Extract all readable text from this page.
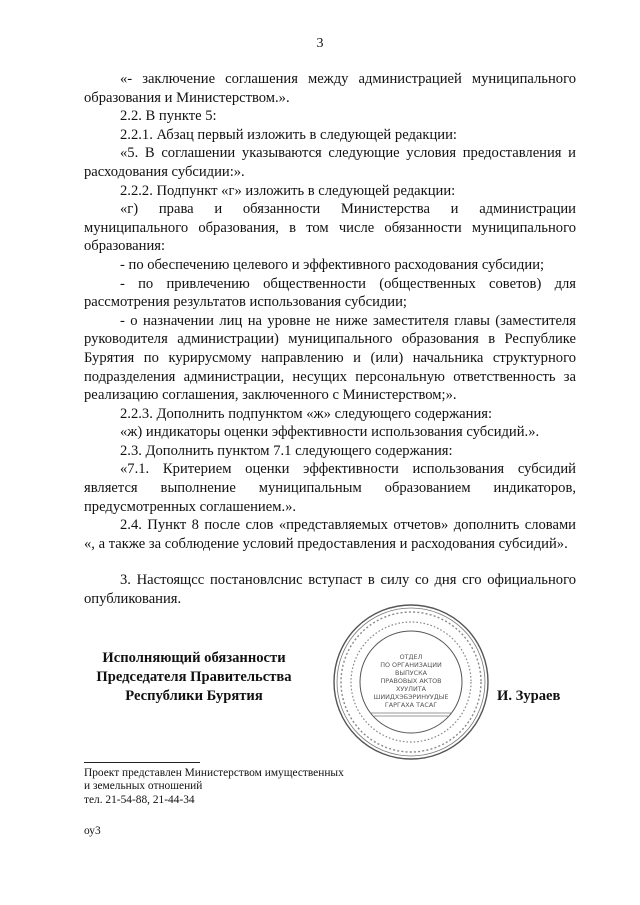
3

«- заключение соглашения между администрацией муниципального образования и Министерством.».

2.2. В пункте 5:

2.2.1. Абзац первый изложить в следующей редакции:

«5. В соглашении указываются следующие условия предоставления и расходования субсидии:».

2.2.2. Подпункт «г» изложить в следующей редакции:

«г) права и обязанности Министерства и администрации муниципального образования, в том числе обязанности муниципального образования:

- по обеспечению целевого и эффективного расходования субсидии;

- по привлечению общественности (общественных советов) для рассмотрения результатов использования субсидии;

- о назначении лиц на уровне не ниже заместителя главы (заместителя руководителя администрации) муниципального образования в Республике Бурятия по курирусмому направлению и (или) начальника структурного подразделения администрации, несущих персональную ответственность за реализацию соглашения, заключенного с Министерством;».

2.2.3. Дополнить подпунктом «ж» следующего содержания:

«ж) индикаторы оценки эффективности использования субсидий.».

2.3. Дополнить пунктом 7.1 следующего содержания:

«7.1. Критерием оценки эффективности использования субсидий является выполнение муниципальным образованием индикаторов, предусмотренных соглашением.».

2.4. Пункт 8 после слов «представляемых отчетов» дополнить словами «, а также за соблюдение условий предоставления и расходования субсидий».

3. Настоящсс постановлснис вступаст в силу со дня сго официального опубликования.

Исполняющий обязанности
Председателя Правительства
Республики Бурятия
ОТДЕЛ
ПО ОРГАНИЗАЦИИ
ВЫПУСКА
ПРАВОВЫХ АКТОВ
ХУУЛИТА
ШИИДХЭБЭРИНУУДЫЕ
ГАРГАХА ТАСАГ
И. Зураев
Проект представлен Министерством имущественных
и земельных отношений
тел. 21-54-88, 21-44-34
оу3
